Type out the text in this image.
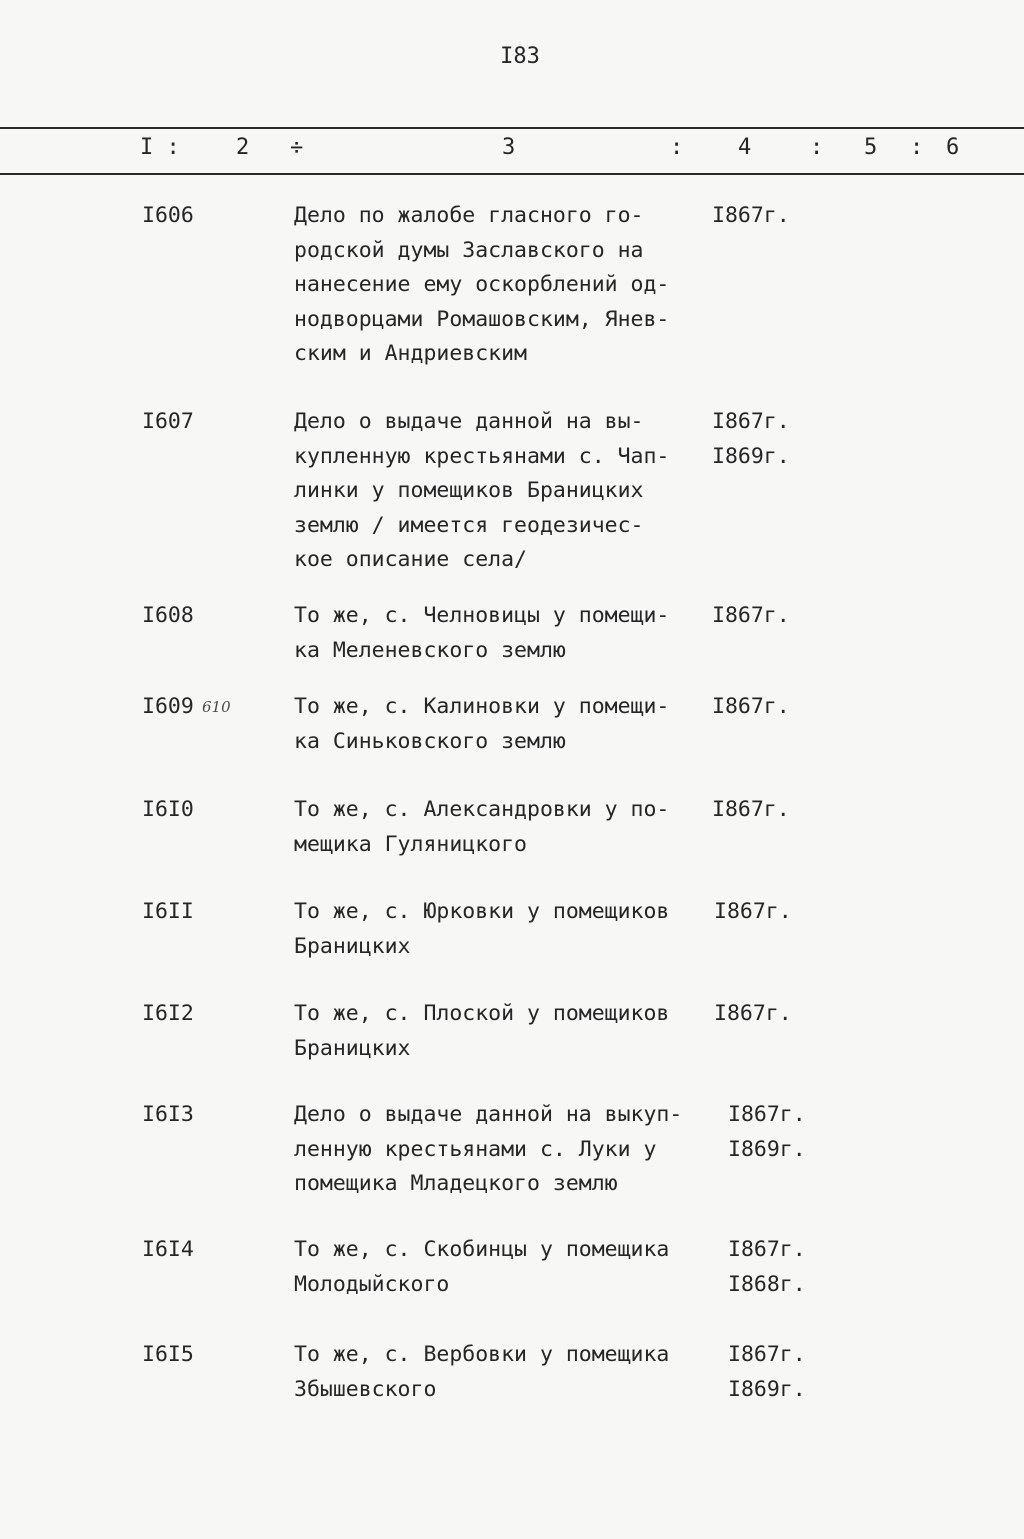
I83
I :	2 ÷	3	: 4	: 5 : 6
I606	Дело по жалобе гласного го-
родской думы Заславского на
нанесение ему оскорблений од-
нодворцами Ромашовским, Янев-
ским и Андриевским
I867г.
I607	Дело о выдаче данной на вы-
купленную крестьянами с. Чап-
линки у помещиков Браницких
землю / имеется геодезичес-
кое описание села/
I867г.
I869г.
I608	То же, с. Челновицы у помещи-
ка Меленевского землю
I867г.
I609 610	То же, с. Калиновки у помещи-
ка Синьковского землю
I867г.
I6I0	То же, с. Александровки у по-
мещика Гуляницкого
I867г.
I6II	То же, с. Юрковки у помещиков
Браницких
I867г.
I6I2	То же, с. Плоской у помещиков
Браницких
I867г.
I6I3	Дело о выдаче данной на выкуп-
ленную крестьянами с. Луки у
помещика Младецкого землю
I867г.
I869г.
I6I4	То же, с. Скобинцы у помещика
Молодыйского
I867г.
I868г.
I6I5	То же, с. Вербовки у помещика
Збышевского
I867г.
I869г.
